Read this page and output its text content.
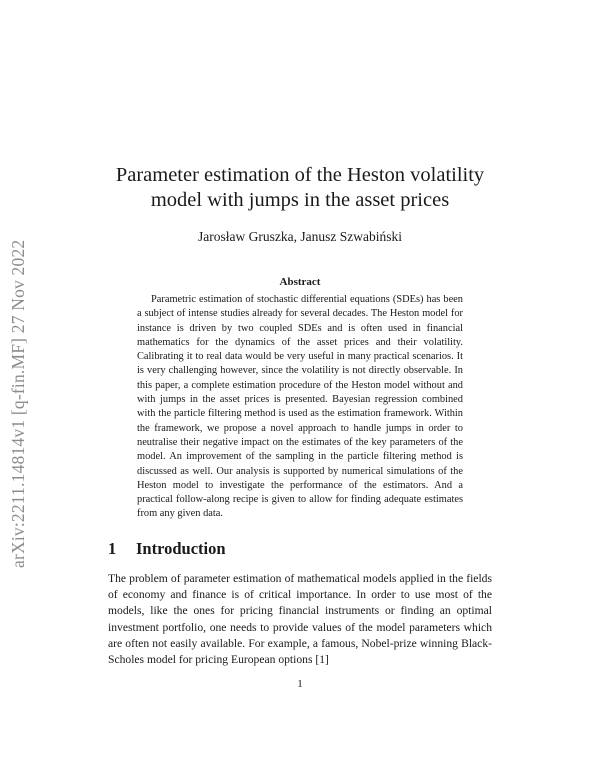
arXiv:2211.14814v1 [q-fin.MF] 27 Nov 2022
Parameter estimation of the Heston volatility
model with jumps in the asset prices
Jarosław Gruszka, Janusz Szwabiński
Abstract

Parametric estimation of stochastic differential equations (SDEs) has been a subject of intense studies already for several decades. The Heston model for instance is driven by two coupled SDEs and is often used in financial mathematics for the dynamics of the asset prices and their volatility. Calibrating it to real data would be very useful in many practical scenarios. It is very challenging however, since the volatility is not directly observable. In this paper, a complete estimation procedure of the Heston model without and with jumps in the asset prices is presented. Bayesian regression combined with the particle filtering method is used as the estimation framework. Within the framework, we propose a novel approach to handle jumps in order to neutralise their negative impact on the estimates of the key parameters of the model. An improvement of the sampling in the particle filtering method is discussed as well. Our analysis is supported by numerical simulations of the Heston model to investigate the performance of the estimators. And a practical follow-along recipe is given to allow for finding adequate estimates from any given data.

1 Introduction

The problem of parameter estimation of mathematical models applied in the fields of economy and finance is of critical importance. In order to use most of the models, like the ones for pricing financial instruments or finding an optimal investment portfolio, one needs to provide values of the model parameters which are often not easily available. For example, a famous, Nobel-prize winning Black-Scholes model for pricing European options [1]

1
